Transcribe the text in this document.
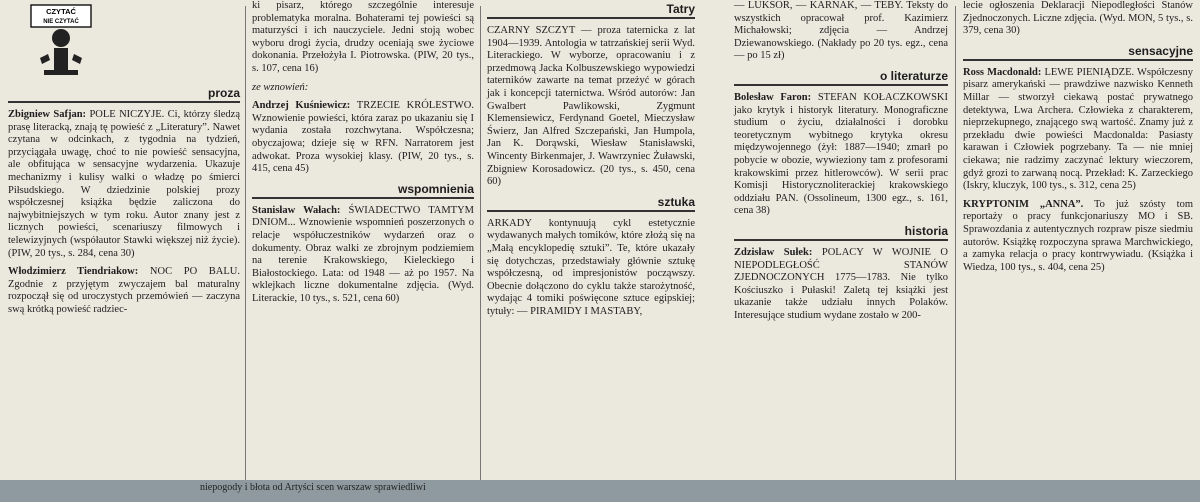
CZYTAĆ
NIE CZYTAĆ
proza

Zbigniew Safjan: POLE NICZYJE. Ci, którzy śledzą prasę literacką, znają tę powieść z „Literatury”. Nawet czytana w odcinkach, z tygodnia na tydzień, przyciągała uwagę, choć to nie powieść sensacyjna, ale obfitująca w sensacyjne wydarzenia. Ukazuje mechanizmy i kulisy walki o władzę po śmierci Piłsudskiego. W dziedzinie polskiej prozy współczesnej książka będzie zaliczona do najwybitniejszych w tym roku. Autor znany jest z licznych powieści, scenariuszy filmowych i telewizyjnych (współautor Stawki większej niż życie). (PIW, 20 tys., s. 284, cena 30)

Włodzimierz Tiendriakow: NOC PO BALU. Zgodnie z przyjętym zwyczajem bal maturalny rozpoczął się od uroczystych przemówień — zaczyna swą krótką powieść radziec-

ki pisarz, którego szczególnie interesuje problematyka moralna. Bohaterami tej powieści są maturzyści i ich nauczyciele. Jedni stoją wobec wyboru drogi życia, drudzy oceniają swe życiowe dokonania. Przełożyła I. Piotrowska. (PIW, 20 tys., s. 107, cena 16)

ze wznowień:

Andrzej Kuśniewicz: TRZECIE KRÓLESTWO. Wznowienie powieści, która zaraz po ukazaniu się I wydania została rozchwytana. Współczesna; obyczajowa; dzieje się w RFN. Narratorem jest adwokat. Proza wysokiej klasy. (PIW, 20 tys., s. 415, cena 45)

wspomnienia

Stanisław Wałach: ŚWIADECTWO TAMTYM DNIOM... Wznowienie wspomnień poszerzonych o relacje współuczestników wydarzeń oraz o dokumenty. Obraz walki ze zbrojnym podziemiem na terenie Krakowskiego, Kieleckiego i Białostockiego. Lata: od 1948 — aż po 1957. Na wklejkach liczne dokumentalne zdjęcia. (Wyd. Literackie, 10 tys., s. 521, cena 60)

Tatry

CZARNY SZCZYT — proza taternicka z lat 1904—1939. Antologia w tatrzańskiej serii Wyd. Literackiego. W wyborze, opracowaniu i z przedmową Jacka Kolbuszewskiego wypowiedzi taterników zawarte na temat przeżyć w górach jak i koncepcji taternictwa. Wśród autorów: Jan Gwalbert Pawlikowski, Zygmunt Klemensiewicz, Ferdynand Goetel, Mieczysław Świerz, Jan Alfred Szczepański, Jan Humpola, Jan K. Dorąwski, Wiesław Stanisławski, Wincenty Birkenmajer, J. Wawrzyniec Żuławski, Zbigniew Korosadowicz. (20 tys., s. 450, cena 60)

sztuka

ARKADY kontynuują cykl estetycznie wydawanych małych tomików, które złożą się na „Małą encyklopedię sztuki”. Te, które ukazały się dotychczas, przedstawiały głównie sztukę współczesną, od impresjonistów począwszy. Obecnie dołączono do cyklu także starożytność, wydając 4 tomiki poświęcone sztuce egipskiej; tytuły: — PIRAMIDY I MASTABY,

— LUKSOR, — KARNAK, — TEBY. Teksty do wszystkich opracował prof. Kazimierz Michałowski; zdjęcia — Andrzej Dziewanowskiego. (Nakłady po 20 tys. egz., cena — po 15 zł)

o literaturze

Bolesław Faron: STEFAN KOŁACZKOWSKI jako krytyk i historyk literatury. Monograficzne studium o życiu, działalności i dorobku teoretycznym wybitnego krytyka okresu międzywojennego (żył: 1887—1940; zmarł po pobycie w obozie, wywieziony tam z profesorami krakowskimi przez hitlerowców). W serii prac Komisji Historycznoliterackiej krakowskiego oddziału PAN. (Ossolineum, 1300 egz., s. 161, cena 38)

historia

Zdzisław Sułek: POLACY W WOJNIE O NIEPODLEGŁOŚĆ STANÓW ZJEDNOCZONYCH 1775—1783. Nie tylko Kościuszko i Pułaski! Zaletą tej książki jest ukazanie także udziału innych Polaków. Interesujące studium wydane zostało w 200-

lecie ogłoszenia Deklaracji Niepodległości Stanów Zjednoczonych. Liczne zdjęcia. (Wyd. MON, 5 tys., s. 379, cena 30)

sensacyjne

Ross Macdonald: LEWE PIENIĄDZE. Współczesny pisarz amerykański — prawdziwe nazwisko Kenneth Millar — stworzył ciekawą postać prywatnego detektywa, Lwa Archera. Człowieka z charakterem, nieprzekupnego, znającego swą wartość. Znamy już z przekładu dwie powieści Macdonalda: Pasiasty karawan i Człowiek pogrzebany. Ta — nie mniej ciekawa; nie radzimy zaczynać lektury wieczorem, gdyż grozi to zarwaną nocą. Przekład: K. Zarzeckiego (Iskry, kluczyk, 100 tys., s. 312, cena 25)

KRYPTONIM „ANNA”. To już szósty tom reportaży o pracy funkcjonariuszy MO i SB. Sprawozdania z autentycznych rozpraw pisze siedmiu autorów. Książkę rozpoczyna sprawa Marchwickiego, a zamyka relacja o pracy kontrwywiadu. (Książka i Wiedza, 100 tys., s. 404, cena 25)

niepogody i błota od Artyści scen warszaw sprawiedliwi
